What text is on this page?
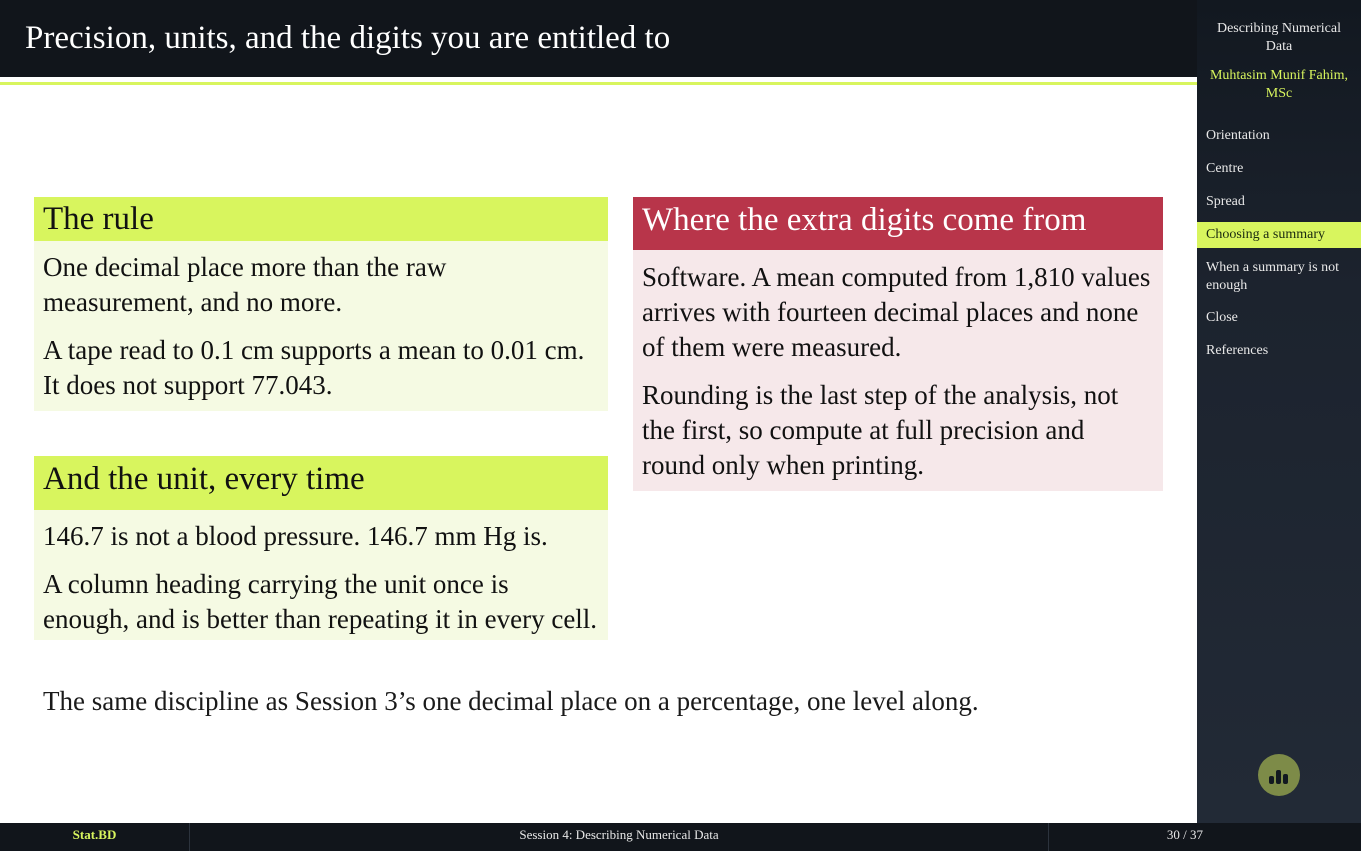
Precision, units, and the digits you are entitled to
The rule

One decimal place more than the raw measurement, and no more.

A tape read to 0.1 cm supports a mean to 0.01 cm. It does not support 77.043.

And the unit, every time

146.7 is not a blood pressure. 146.7 mm Hg is.

A column heading carrying the unit once is enough, and is better than repeating it in every cell.

Where the extra digits come from

Software. A mean computed from 1,810 values arrives with fourteen decimal places and none of them were measured.

Rounding is the last step of the analysis, not the first, so compute at full precision and round only when printing.

The same discipline as Session 3’s one decimal place on a percentage, one level along.
Describing Numerical Data
Muhtasim Munif Fahim, MSc
Orientation
Centre
Spread
Choosing a summary
When a summary is not enough
Close
References
Stat.BD	Session 4: Describing Numerical Data	30 / 37
